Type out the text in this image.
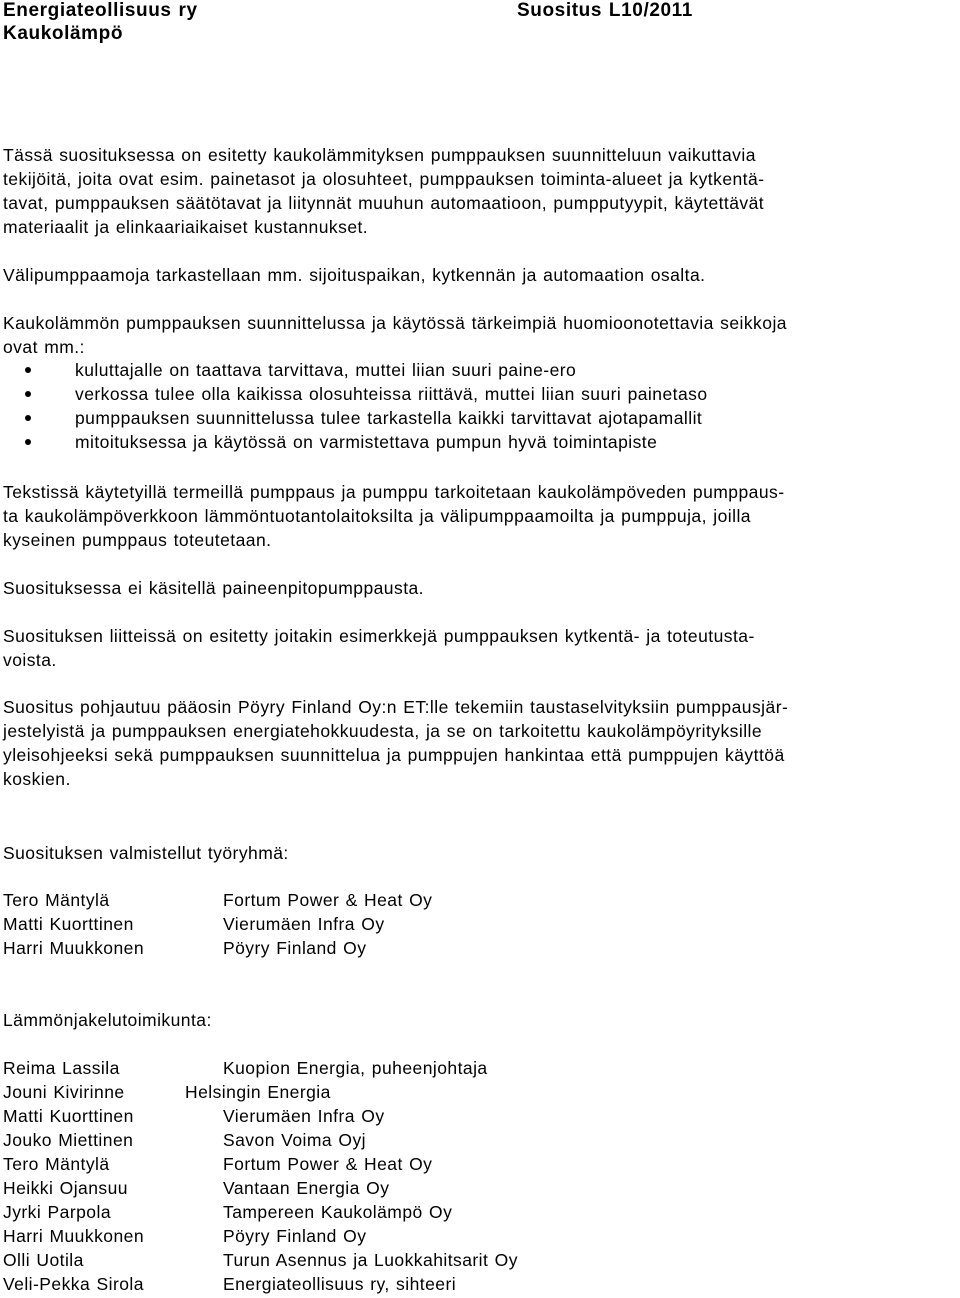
Energiateollisuus ry	Suositus L10/2011
Kaukolämpö
Tässä suosituksessa on esitetty kaukolämmityksen pumppauksen suunnitteluun vaikuttavia
tekijöitä, joita ovat esim. painetasot ja olosuhteet, pumppauksen toiminta-alueet ja kytkentä-
tavat, pumppauksen säätötavat ja liitynnät muuhun automaatioon, pumpputyypit, käytettävät
materiaalit ja elinkaariaikaiset kustannukset.
Välipumppaamoja tarkastellaan mm. sijoituspaikan, kytkennän ja automaation osalta.
Kaukolämmön pumppauksen suunnittelussa ja käytössä tärkeimpiä huomioonotettavia seikkoja
ovat mm.:
kuluttajalle on taattava tarvittava, muttei liian suuri paine-ero
verkossa tulee olla kaikissa olosuhteissa riittävä, muttei liian suuri painetaso
pumppauksen suunnittelussa tulee tarkastella kaikki tarvittavat ajotapamallit
mitoituksessa ja käytössä on varmistettava pumpun hyvä toimintapiste
Tekstissä käytetyillä termeillä pumppaus ja pumppu tarkoitetaan kaukolämpöveden pumppaus-
ta kaukolämpöverkkoon lämmöntuotantolaitoksilta ja välipumppaamoilta ja pumppuja, joilla
kyseinen pumppaus toteutetaan.
Suosituksessa ei käsitellä paineenpitopumppausta.
Suosituksen liitteissä on esitetty joitakin esimerkkejä pumppauksen kytkentä- ja toteutusta-
voista.
Suositus pohjautuu pääosin Pöyry Finland Oy:n ET:lle tekemiin taustaselvityksiin pumppausjär-
jestelyistä ja pumppauksen energiatehokkuudesta, ja se on tarkoitettu kaukolämpöyrityksille
yleisohjeeksi sekä pumppauksen suunnittelua ja pumppujen hankintaa että pumppujen käyttöä
koskien.
Suosituksen valmistellut työryhmä:
Tero Mäntylä	Fortum Power & Heat Oy
Matti Kuorttinen	Vierumäen Infra Oy
Harri Muukkonen	Pöyry Finland Oy
Lämmönjakelutoimikunta:
Reima Lassila	Kuopion Energia, puheenjohtaja
Jouni Kivirinne	Helsingin Energia
Matti Kuorttinen	Vierumäen Infra Oy
Jouko Miettinen	Savon Voima Oyj
Tero Mäntylä	Fortum Power & Heat Oy
Heikki Ojansuu	Vantaan Energia Oy
Jyrki Parpola	Tampereen Kaukolämpö Oy
Harri Muukkonen	Pöyry Finland Oy
Olli Uotila	Turun Asennus ja Luokkahitsarit Oy
Veli-Pekka Sirola	Energiateollisuus ry, sihteeri
